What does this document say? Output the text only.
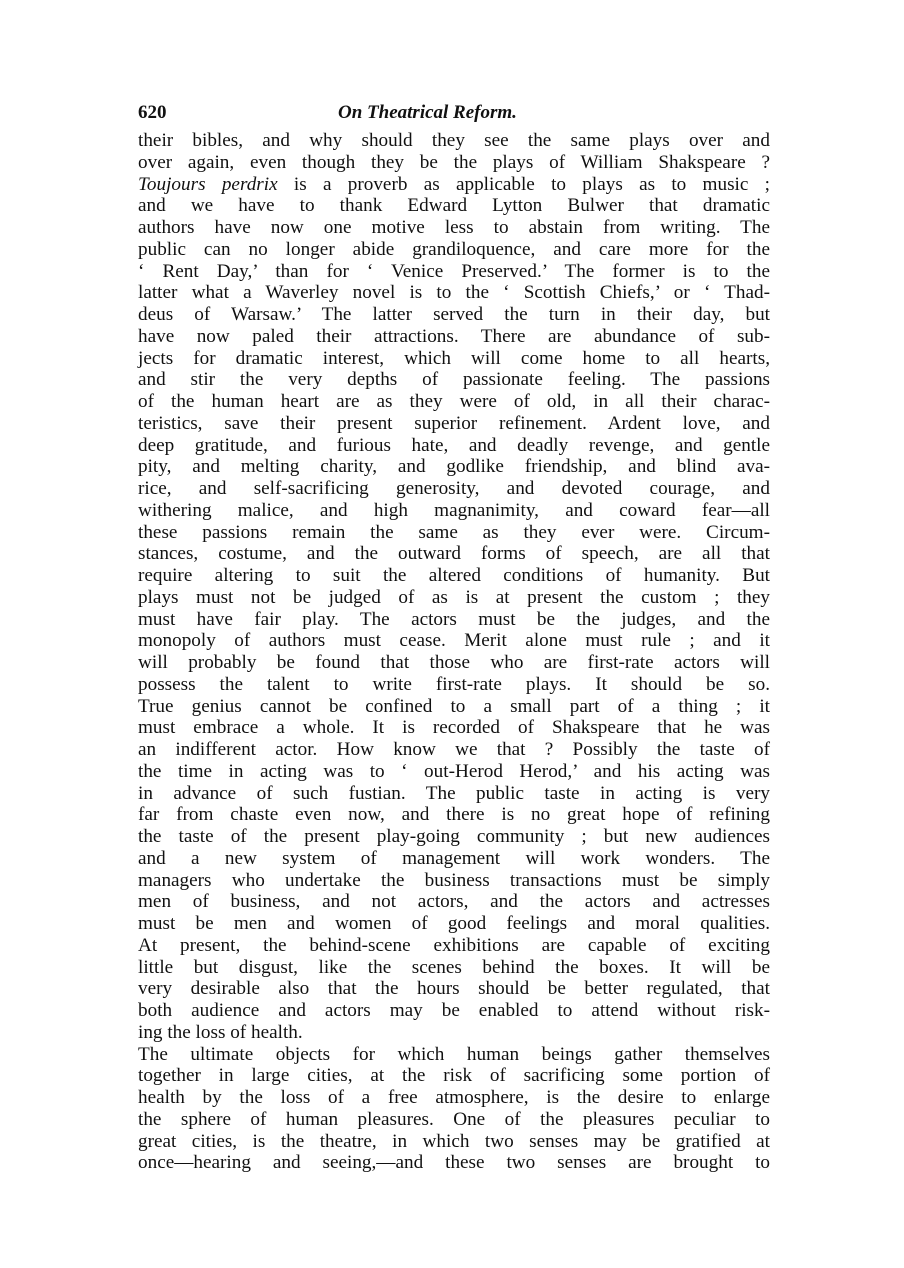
620	On Theatrical Reform.
their bibles, and why should they see the same plays over and
over again, even though they be the plays of William Shakspeare ?
Toujours perdrix is a proverb as applicable to plays as to music ;
and we have to thank Edward Lytton Bulwer that dramatic
authors have now one motive less to abstain from writing. The
public can no longer abide grandiloquence, and care more for the
‘ Rent Day,’ than for ‘ Venice Preserved.’ The former is to the
latter what a Waverley novel is to the ‘ Scottish Chiefs,’ or ‘ Thad-
deus of Warsaw.’ The latter served the turn in their day, but
have now paled their attractions. There are abundance of sub-
jects for dramatic interest, which will come home to all hearts,
and stir the very depths of passionate feeling. The passions
of the human heart are as they were of old, in all their charac-
teristics, save their present superior refinement. Ardent love, and
deep gratitude, and furious hate, and deadly revenge, and gentle
pity, and melting charity, and godlike friendship, and blind ava-
rice, and self-sacrificing generosity, and devoted courage, and
withering malice, and high magnanimity, and coward fear—all
these passions remain the same as they ever were. Circum-
stances, costume, and the outward forms of speech, are all that
require altering to suit the altered conditions of humanity. But
plays must not be judged of as is at present the custom ; they
must have fair play. The actors must be the judges, and the
monopoly of authors must cease. Merit alone must rule ; and it
will probably be found that those who are first-rate actors will
possess the talent to write first-rate plays. It should be so.
True genius cannot be confined to a small part of a thing ; it
must embrace a whole. It is recorded of Shakspeare that he was
an indifferent actor. How know we that ? Possibly the taste of
the time in acting was to ‘ out-Herod Herod,’ and his acting was
in advance of such fustian. The public taste in acting is very
far from chaste even now, and there is no great hope of refining
the taste of the present play-going community ; but new audiences
and a new system of management will work wonders. The
managers who undertake the business transactions must be simply
men of business, and not actors, and the actors and actresses
must be men and women of good feelings and moral qualities.
At present, the behind-scene exhibitions are capable of exciting
little but disgust, like the scenes behind the boxes. It will be
very desirable also that the hours should be better regulated, that
both audience and actors may be enabled to attend without risk-
ing the loss of health.
The ultimate objects for which human beings gather themselves
together in large cities, at the risk of sacrificing some portion of
health by the loss of a free atmosphere, is the desire to enlarge
the sphere of human pleasures. One of the pleasures peculiar to
great cities, is the theatre, in which two senses may be gratified at
once—hearing and seeing,—and these two senses are brought to
